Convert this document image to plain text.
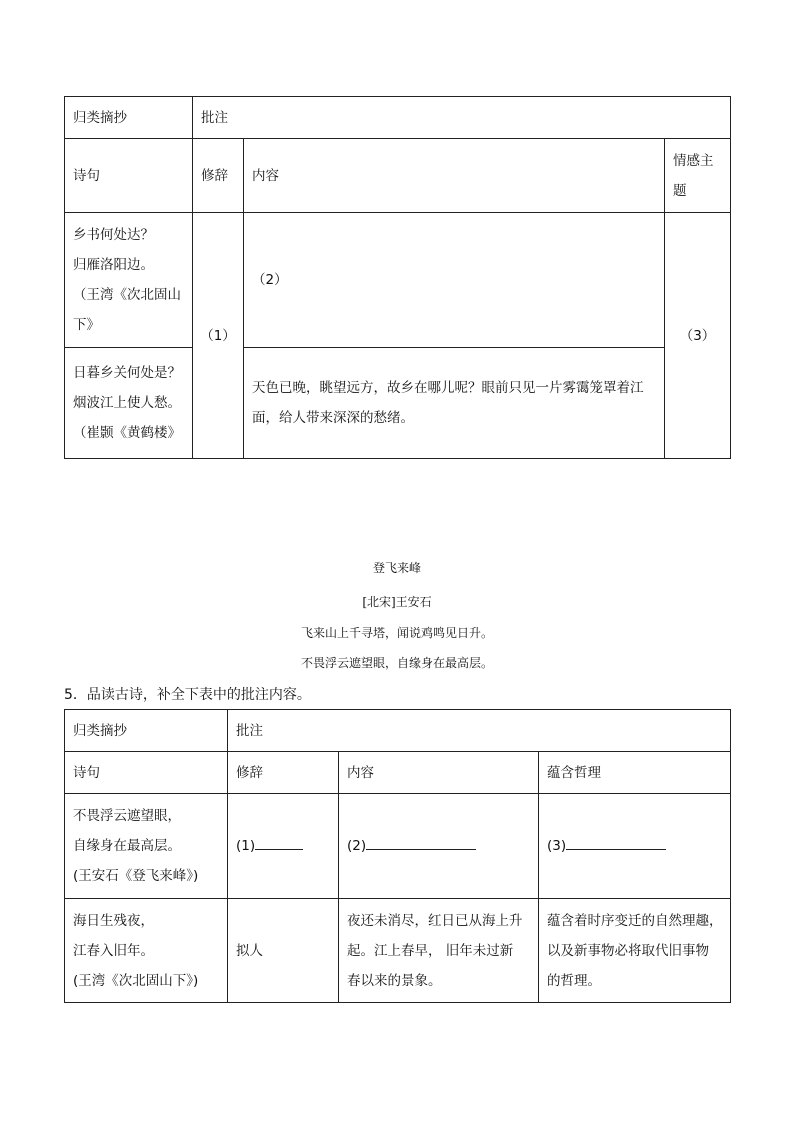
归类摘抄	批注		
诗句	修辞	内容	情感主
题

乡书何处达？
归雁洛阳边。
（王湾《次北固山
下》	（1）	（2）	（3）

日暮乡关何处是？
烟波江上使人愁。
（崔颢《黄鹤楼》		天色已晚，眺望远方，故乡在哪儿呢？眼前只见一片雾霭笼罩着江
面，给人带来深深的愁绪。	
登飞来峰
[北宋]王安石
飞来山上千寻塔，闻说鸡鸣见日升。
不畏浮云遮望眼，自缘身在最高层。
5．品读古诗，补全下表中的批注内容。
归类摘抄	批注		
诗句	修辞	内容	蕴含哲理

不畏浮云遮望眼，
自缘身在最高层。
(王安石《登飞来峰》)	(1)	(2)	(3)

海日生残夜，
江春入旧年。
(王湾《次北固山下》)	拟人	夜还未消尽，红日已从海上升
起。江上春早， 旧年未过新
春以来的景象。	蕴含着时序变迁的自然理趣，
以及新事物必将取代旧事物
的哲理。
